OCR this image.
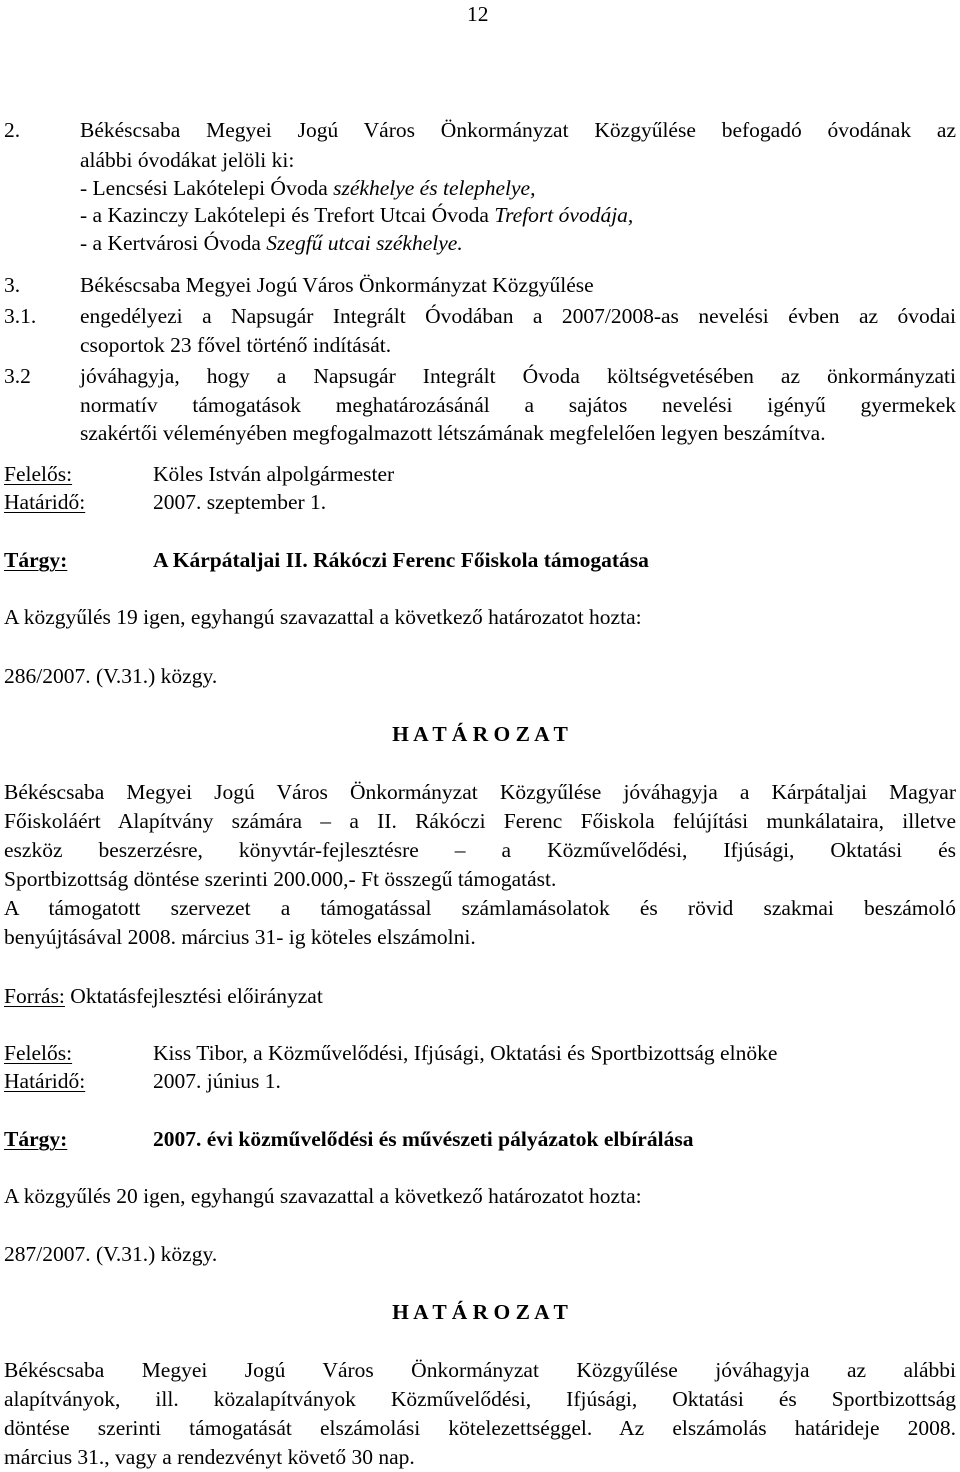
12
2.	Békéscsaba Megyei Jogú Város Önkormányzat Közgyűlése befogadó óvodának az
alábbi óvodákat jelöli ki:
- Lencsési Lakótelepi Óvoda székhelye és telephelye,
- a Kazinczy Lakótelepi és Trefort Utcai Óvoda Trefort óvodája,
- a Kertvárosi Óvoda Szegfű utcai székhelye.
3.	Békéscsaba Megyei Jogú Város Önkormányzat Közgyűlése
3.1. engedélyezi a Napsugár Integrált Óvodában a 2007/2008-as nevelési évben az óvodai
csoportok 23 fővel történő indítását.
3.2 jóváhagyja, hogy a Napsugár Integrált Óvoda költségvetésében az önkormányzati
normatív támogatások meghatározásánál a sajátos nevelési igényű gyermekek
szakértői véleményében megfogalmazott létszámának megfelelően legyen beszámítva.
Felelős:	Köles István alpolgármester
Határidő:	2007. szeptember 1.
Tárgy:	A Kárpátaljai II. Rákóczi Ferenc Főiskola támogatása
A közgyűlés 19 igen, egyhangú szavazattal a következő határozatot hozta:
286/2007. (V.31.) közgy.
H A T Á R O Z A T
Békéscsaba Megyei Jogú Város Önkormányzat Közgyűlése jóváhagyja a Kárpátaljai Magyar
Főiskoláért Alapítvány számára – a II. Rákóczi Ferenc Főiskola felújítási munkálataira, illetve
eszköz beszerzésre, könyvtár-fejlesztésre – a Közművelődési, Ifjúsági, Oktatási és
Sportbizottság döntése szerinti 200.000,- Ft összegű támogatást.
A támogatott szervezet a támogatással számlamásolatok és rövid szakmai beszámoló
benyújtásával 2008. március 31- ig köteles elszámolni.
Forrás: Oktatásfejlesztési előirányzat
Felelős:	Kiss Tibor, a Közművelődési, Ifjúsági, Oktatási és Sportbizottság elnöke
Határidő:	2007. június 1.
Tárgy:	2007. évi közművelődési és művészeti pályázatok elbírálása
A közgyűlés 20 igen, egyhangú szavazattal a következő határozatot hozta:
287/2007. (V.31.) közgy.
H A T Á R O Z A T
Békéscsaba Megyei Jogú Város Önkormányzat Közgyűlése jóváhagyja az alábbi
alapítványok, ill. közalapítványok Közművelődési, Ifjúsági, Oktatási és Sportbizottság
döntése szerinti támogatását elszámolási kötelezettséggel. Az elszámolás határideje 2008.
március 31., vagy a rendezvényt követő 30 nap.
